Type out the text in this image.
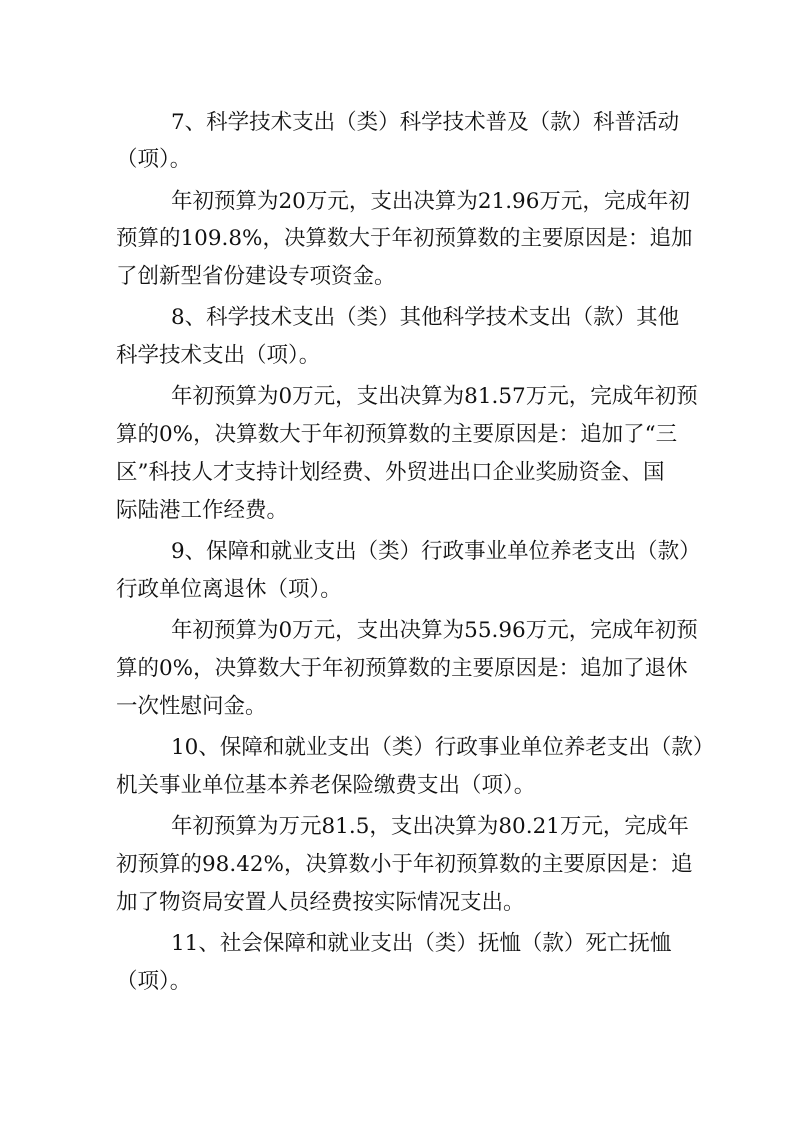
7、科学技术支出（类）科学技术普及（款）科普活动
（项）。
年初预算为20万元，支出决算为21.96万元，完成年初
预算的109.8%，决算数大于年初预算数的主要原因是：追加
了创新型省份建设专项资金。
8、科学技术支出（类）其他科学技术支出（款）其他
科学技术支出（项）。
年初预算为0万元，支出决算为81.57万元，完成年初预
算的0%，决算数大于年初预算数的主要原因是：追加了“三
区”科技人才支持计划经费、外贸进出口企业奖励资金、国
际陆港工作经费。
9、保障和就业支出（类）行政事业单位养老支出（款）
行政单位离退休（项）。
年初预算为0万元，支出决算为55.96万元，完成年初预
算的0%，决算数大于年初预算数的主要原因是：追加了退休
一次性慰问金。
10、保障和就业支出（类）行政事业单位养老支出（款）
机关事业单位基本养老保险缴费支出（项）。
年初预算为万元81.5，支出决算为80.21万元，完成年
初预算的98.42%，决算数小于年初预算数的主要原因是：追
加了物资局安置人员经费按实际情况支出。
11、社会保障和就业支出（类）抚恤（款）死亡抚恤
（项）。
